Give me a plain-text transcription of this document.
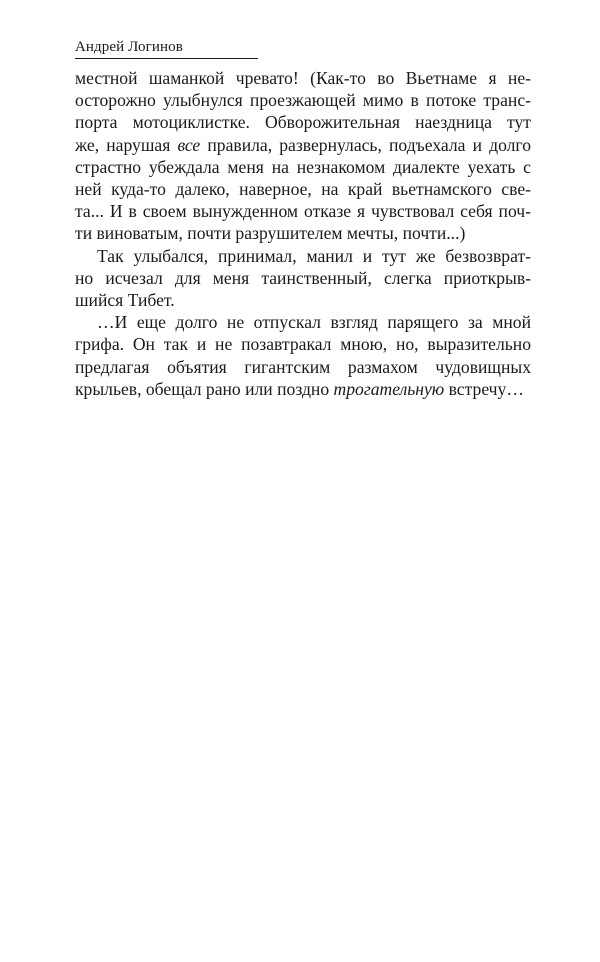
Андрей Логинов

местной шаманкой чревато! (Как-то во Вьетнаме я не-
осторожно улыбнулся проезжающей мимо в потоке транс-
порта мотоциклистке. Обворожительная наездница тут
же, нарушая все правила, развернулась, подъехала и долго
страстно убеждала меня на незнакомом диалекте уехать с
ней куда-то далеко, наверное, на край вьетнамского све-
та... И в своем вынужденном отказе я чувствовал себя поч-
ти виноватым, почти разрушителем мечты, почти...)

Так улыбался, принимал, манил и тут же безвозврат-
но исчезал для меня таинственный, слегка приоткрыв-
шийся Тибет.

…И еще долго не отпускал взгляд парящего за мной
грифа. Он так и не позавтракал мною, но, выразительно
предлагая объятия гигантским размахом чудовищных
крыльев, обещал рано или поздно трогательную встречу…
